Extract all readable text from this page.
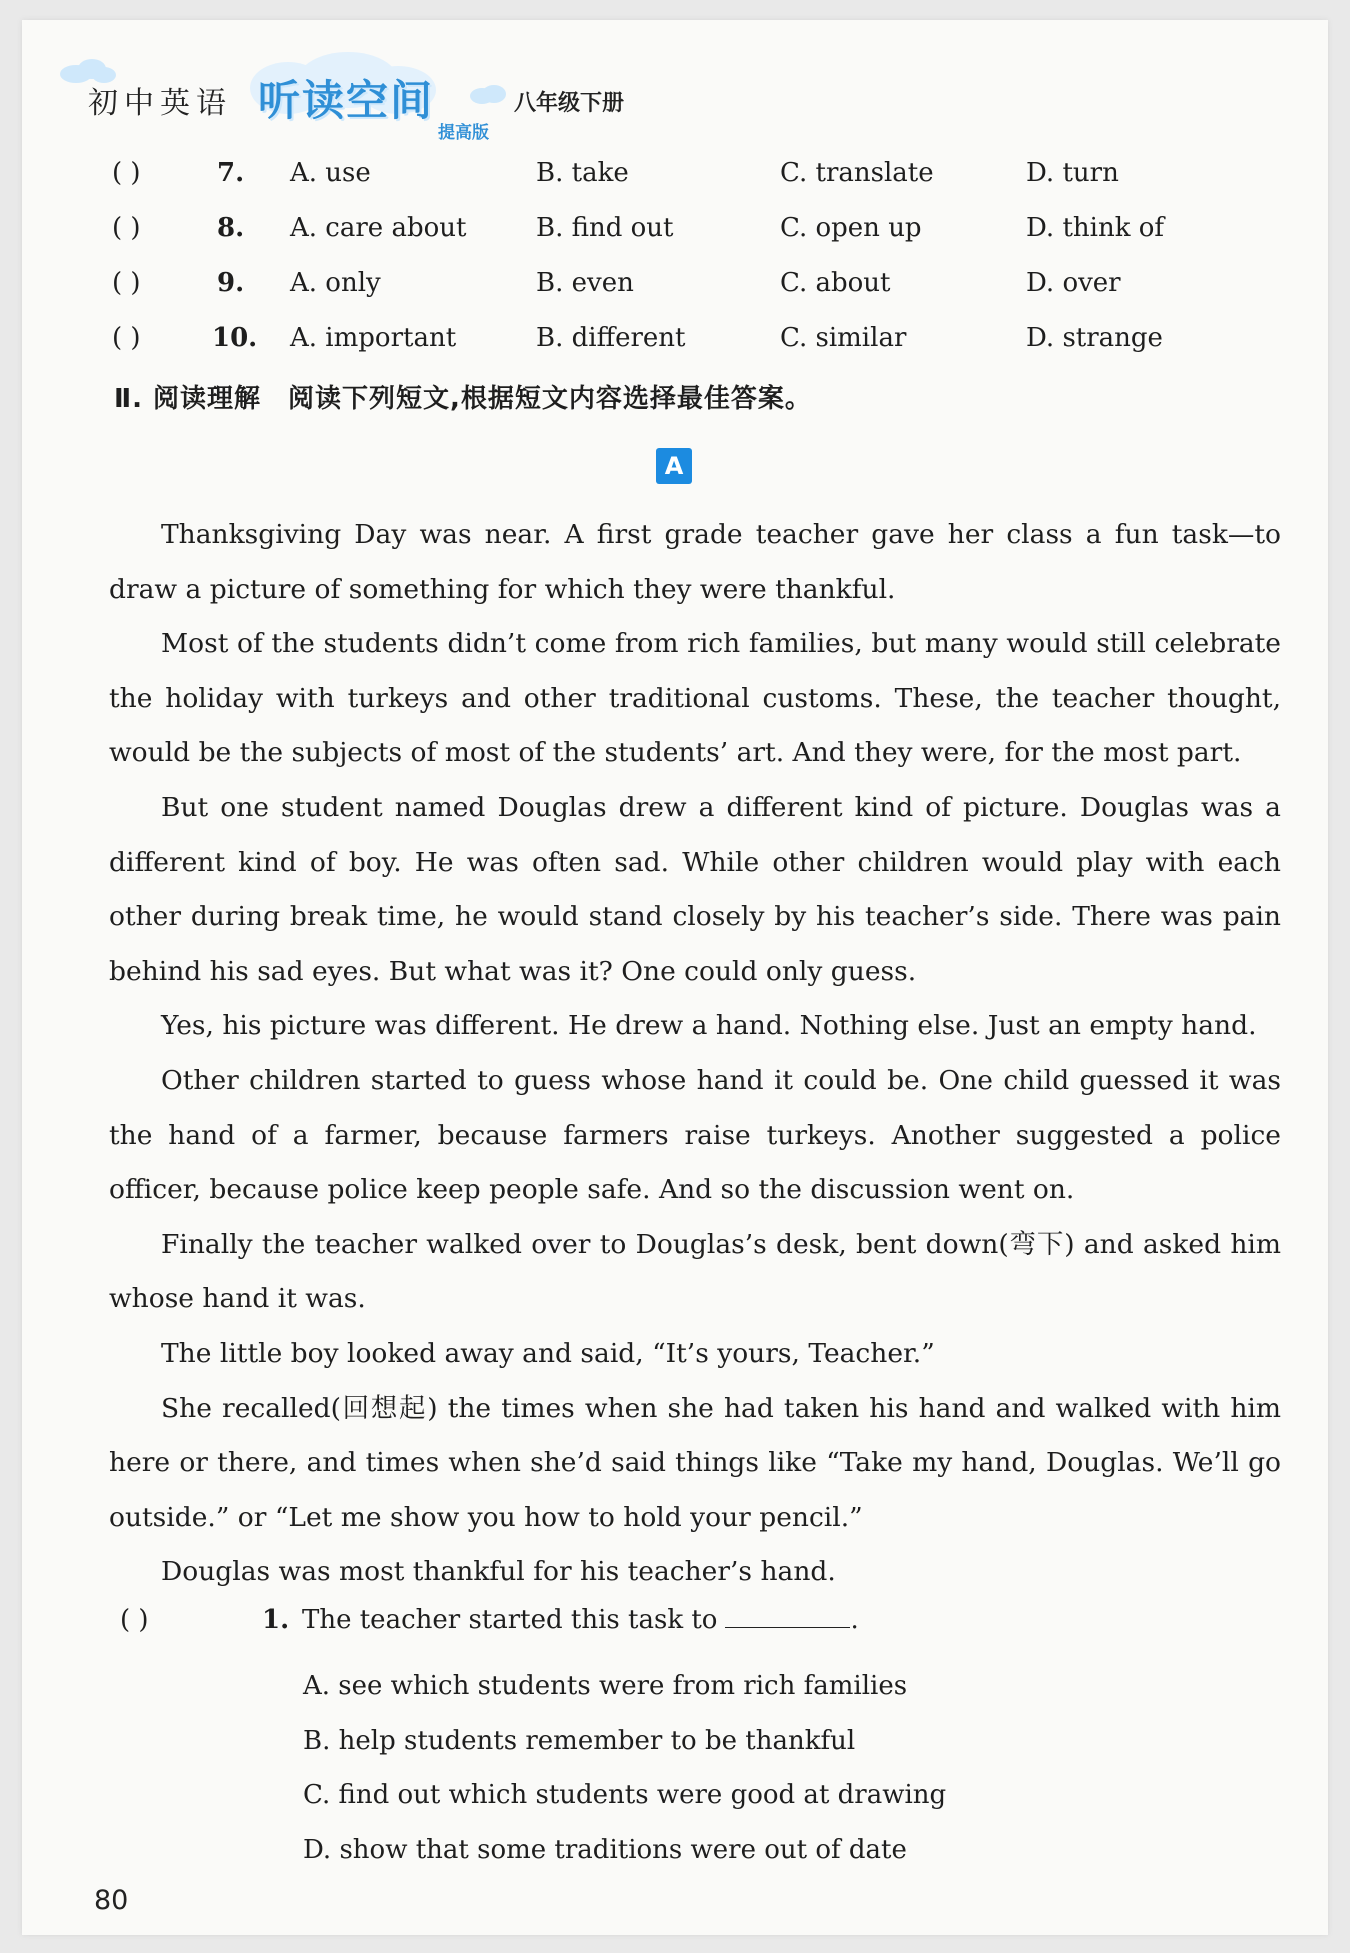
初中英语 听读空间
提高版
八年级下册
( )	7. A. use	B. take	C. translate	D. turn
( )	8. A. care about	B. find out	C. open up	D. think of
( )	9. A. only	B. even	C. about	D. over
( )	10. A. important	B. different	C. similar	D. strange
Ⅱ. 阅读理解　阅读下列短文,根据短文内容选择最佳答案。
A

Thanksgiving Day was near. A first grade teacher gave her class a fun task—to draw a picture of something for which they were thankful.

Most of the students didn’t come from rich families, but many would still celebrate the holiday with turkeys and other traditional customs. These, the teacher thought, would be the subjects of most of the students’ art. And they were, for the most part.

But one student named Douglas drew a different kind of picture. Douglas was a different kind of boy. He was often sad. While other children would play with each other during break time, he would stand closely by his teacher’s side. There was pain behind his sad eyes. But what was it? One could only guess.

Yes, his picture was different. He drew a hand. Nothing else. Just an empty hand.

Other children started to guess whose hand it could be. One child guessed it was the hand of a farmer, because farmers raise turkeys. Another suggested a police officer, because police keep people safe. And so the discussion went on.

Finally the teacher walked over to Douglas’s desk, bent down(弯下) and asked him whose hand it was.

The little boy looked away and said, “It’s yours, Teacher.”

She recalled(回想起) the times when she had taken his hand and walked with him here or there, and times when she’d said things like “Take my hand, Douglas. We’ll go outside.” or “Let me show you how to hold your pencil.”

Douglas was most thankful for his teacher’s hand.

( )	1. The teacher started this task to	.
A. see which students were from rich families
B. help students remember to be thankful
C. find out which students were good at drawing
D. show that some traditions were out of date
80
